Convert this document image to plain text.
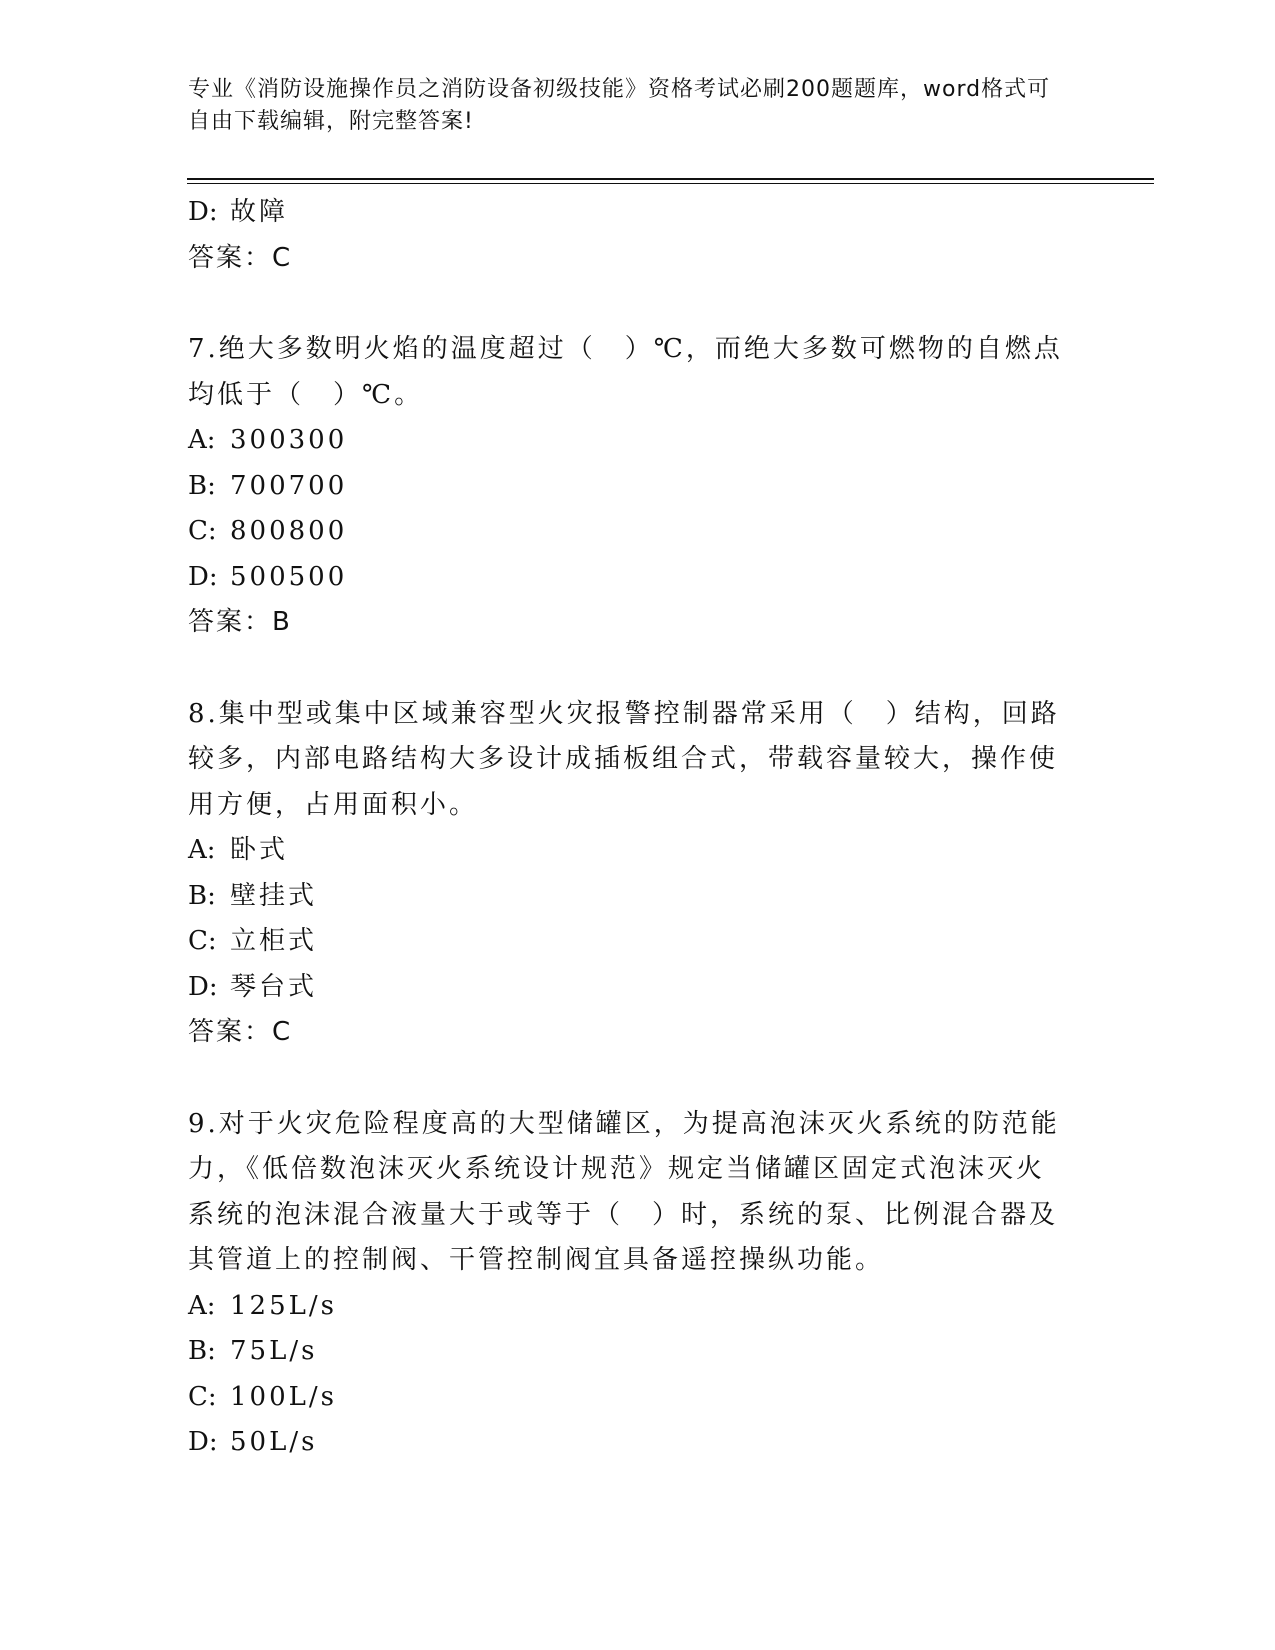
专业《消防设施操作员之消防设备初级技能》资格考试必刷200题题库，word格式可自由下载编辑，附完整答案!
D: 故障
答案：C
7.绝大多数明火焰的温度超过（　）℃，而绝大多数可燃物的自燃点均低于（　）℃。
A: 300300
B: 700700
C: 800800
D: 500500
答案：B
8.集中型或集中区域兼容型火灾报警控制器常采用（　）结构，回路较多，内部电路结构大多设计成插板组合式，带载容量较大，操作使用方便，占用面积小。
A: 卧式
B: 壁挂式
C: 立柜式
D: 琴台式
答案：C
9.对于火灾危险程度高的大型储罐区，为提高泡沫灭火系统的防范能力，《低倍数泡沫灭火系统设计规范》规定当储罐区固定式泡沫灭火系统的泡沫混合液量大于或等于（　）时，系统的泵、比例混合器及其管道上的控制阀、干管控制阀宜具备遥控操纵功能。
A: 125L/s
B: 75L/s
C: 100L/s
D: 50L/s
